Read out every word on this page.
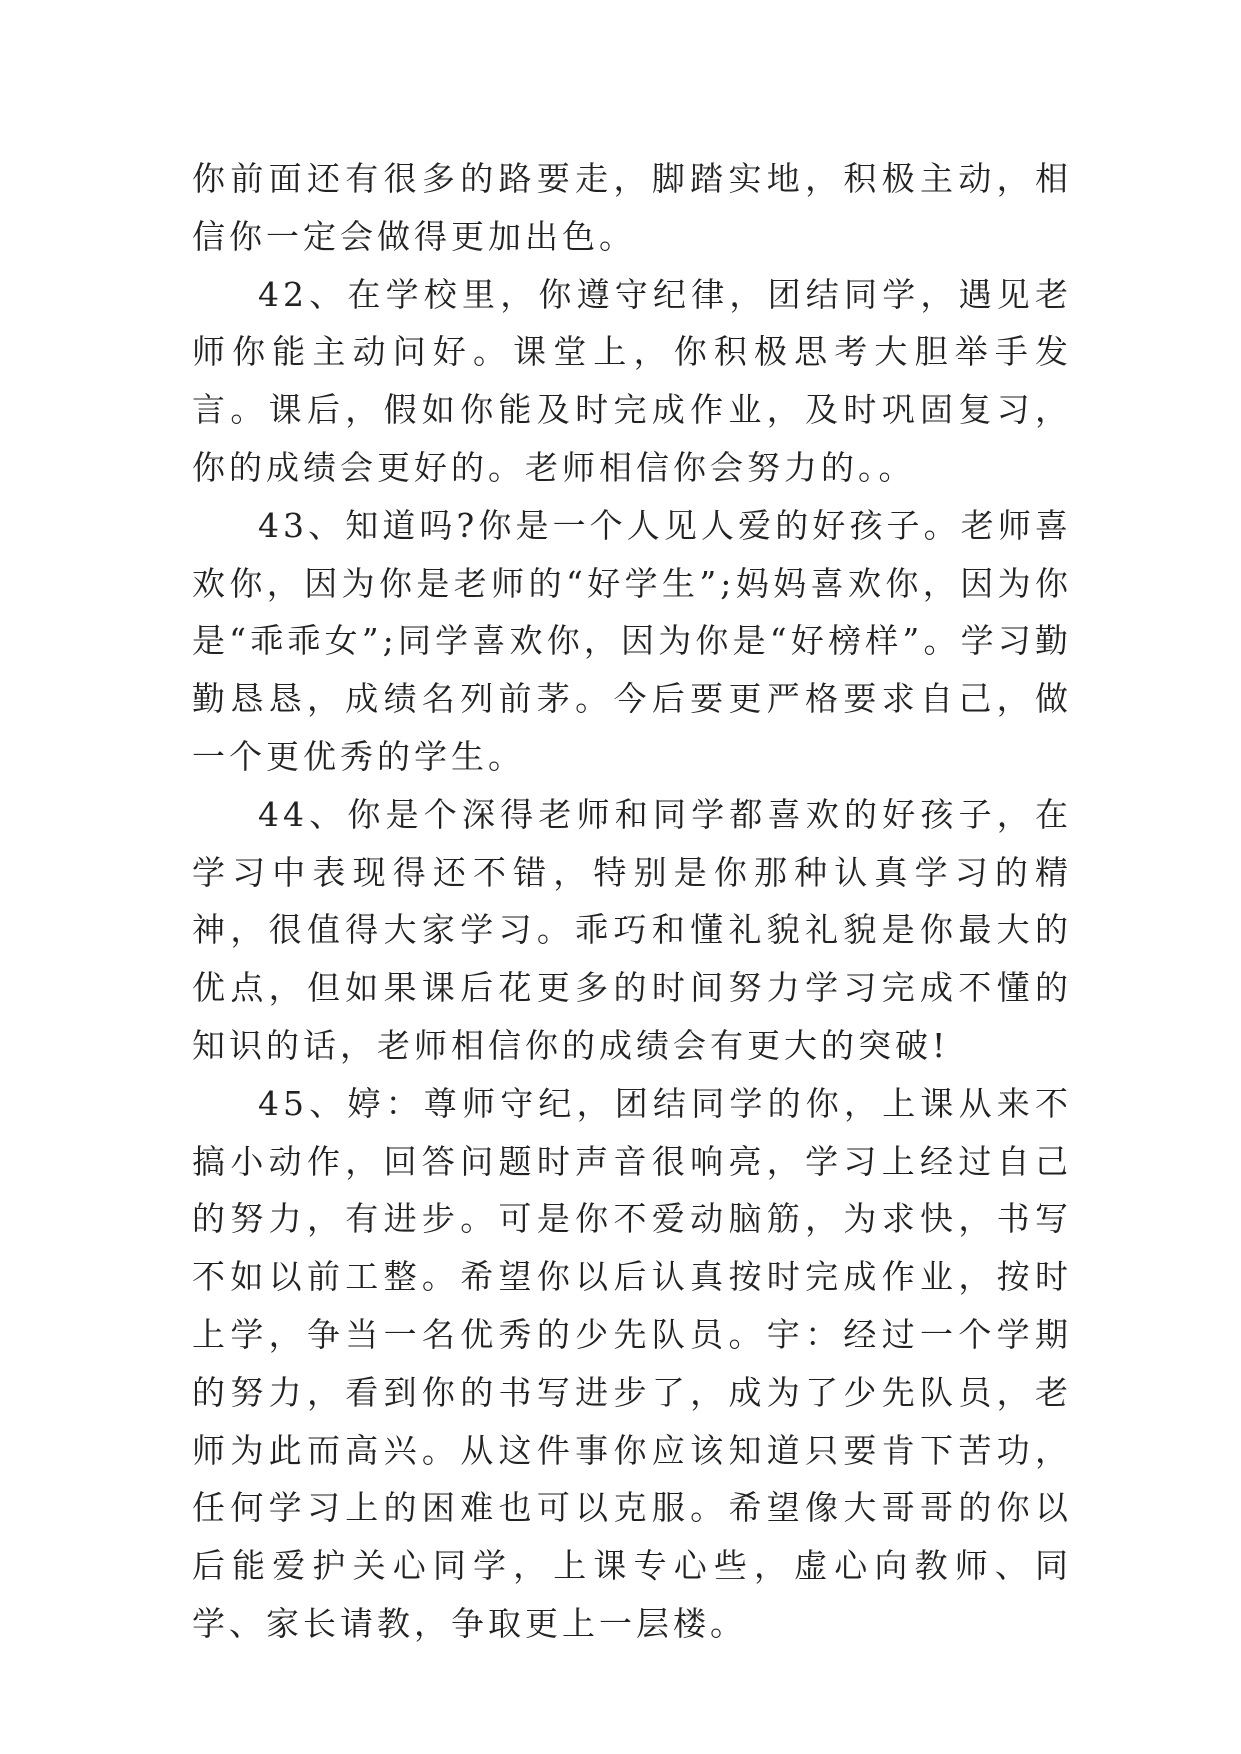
你前面还有很多的路要走，脚踏实地，积极主动，相信你一定会做得更加出色。

42、在学校里，你遵守纪律，团结同学，遇见老师你能主动问好。课堂上，你积极思考大胆举手发言。课后，假如你能及时完成作业，及时巩固复习，你的成绩会更好的。老师相信你会努力的。。

43、知道吗?你是一个人见人爱的好孩子。老师喜欢你，因为你是老师的“好学生”;妈妈喜欢你，因为你是“乖乖女”;同学喜欢你，因为你是“好榜样”。学习勤勤恳恳，成绩名列前茅。今后要更严格要求自己，做一个更优秀的学生。

44、你是个深得老师和同学都喜欢的好孩子，在学习中表现得还不错，特别是你那种认真学习的精神，很值得大家学习。乖巧和懂礼貌礼貌是你最大的优点，但如果课后花更多的时间努力学习完成不懂的知识的话，老师相信你的成绩会有更大的突破!

45、婷：尊师守纪，团结同学的你，上课从来不搞小动作，回答问题时声音很响亮，学习上经过自己的努力，有进步。可是你不爱动脑筋，为求快，书写不如以前工整。希望你以后认真按时完成作业，按时上学，争当一名优秀的少先队员。宇：经过一个学期的努力，看到你的书写进步了，成为了少先队员，老师为此而高兴。从这件事你应该知道只要肯下苦功，任何学习上的困难也可以克服。希望像大哥哥的你以后能爱护关心同学，上课专心些，虚心向教师、同学、家长请教，争取更上一层楼。
